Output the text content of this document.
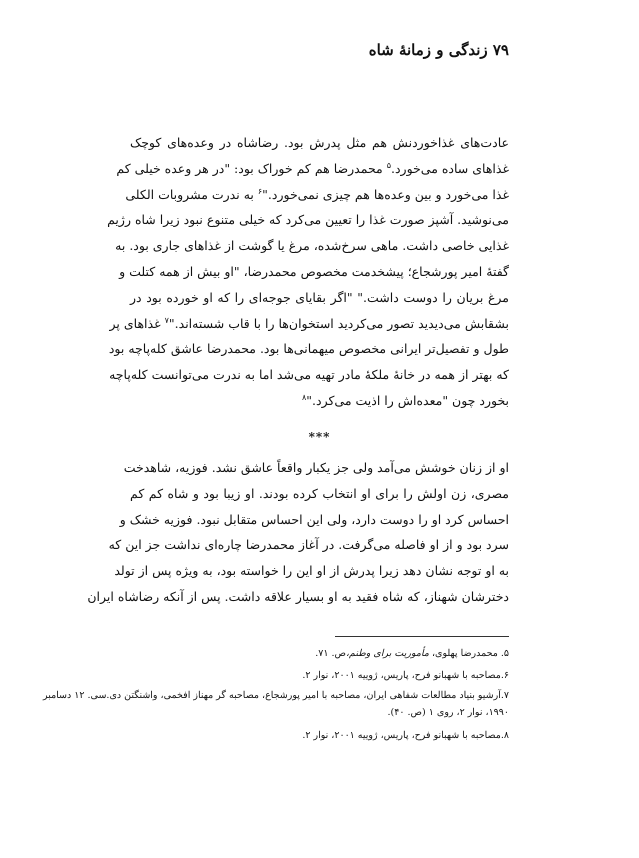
۷۹ زندگی و زمانهٔ شاه
عادت‌های غذاخوردنش هم مثل پدرش بود. رضاشاه در وعده‌های کوچک
غذاهای ساده می‌خورد.$^۵$ محمدرضا هم کم خوراک بود: "در هر وعده خیلی کم
غذا می‌خورد و بین وعده‌ها هم چیزی نمی‌خورد."$^۶$ به ندرت مشروبات الکلی
می‌نوشید. آشپز صورت غذا را تعیین می‌کرد که خیلی متنوع نبود زیرا شاه رژیم
غذایی خاصی داشت. ماهی سرخ‌شده، مرغ یا گوشت از غذاهای جاری بود. به
گفتهٔ امیر پورشجاع؛ پیشخدمت مخصوص محمدرضا، "او بیش از همه کتلت و
مرغ بریان را دوست داشت." "اگر بقایای جوجه‌ای را که او خورده بود در
بشقابش می‌دیدید تصور می‌کردید استخوان‌ها را با قاب شسته‌اند."$^۷$ غذاهای پر
طول و تفصیل‌تر ایرانی مخصوص میهمانی‌ها بود. محمدرضا عاشق کله‌پاچه بود
که بهتر از همه در خانهٔ ملکهٔ مادر تهیه می‌شد اما به ندرت می‌توانست کله‌پاچه
بخورد چون "معده‌اش را اذیت می‌کرد."$^۸$
***
او از زنان خوشش می‌آمد ولی جز یکبار واقعاً عاشق نشد. فوزیه، شاهدخت
مصری، زن اولش را برای او انتخاب کرده بودند. او زیبا بود و شاه کم کم
احساس کرد او را دوست دارد، ولی این احساس متقابل نبود. فوزیه خشک و
سرد بود و از او فاصله می‌گرفت. در آغاز محمدرضا چاره‌ای نداشت جز این که
به او توجه نشان دهد زیرا پدرش از او این را خواسته بود، به ویژه پس از تولد
دخترشان شهناز، که شاه فقید به او بسیار علاقه داشت. پس از آنکه رضاشاه ایران
۵. محمدرضا پهلوی، مأموریت برای وطنم،ص. ۷۱.
۶.مصاحبه با شهبانو فرح، پاریس، ژوییه ۲۰۰۱، نوار ۲.
۷.آرشیو بنیاد مطالعات شفاهی ایران، مصاحبه با امیر پورشجاع، مصاحبه گر مهناز افخمی، واشنگتن دی.سی. ۱۲ دسامبر
۱۹۹۰، نوار ۲، روی ۱ (ص. ۴۰).
۸.مصاحبه با شهبانو فرح، پاریس، ژوییه ۲۰۰۱، نوار ۲.
